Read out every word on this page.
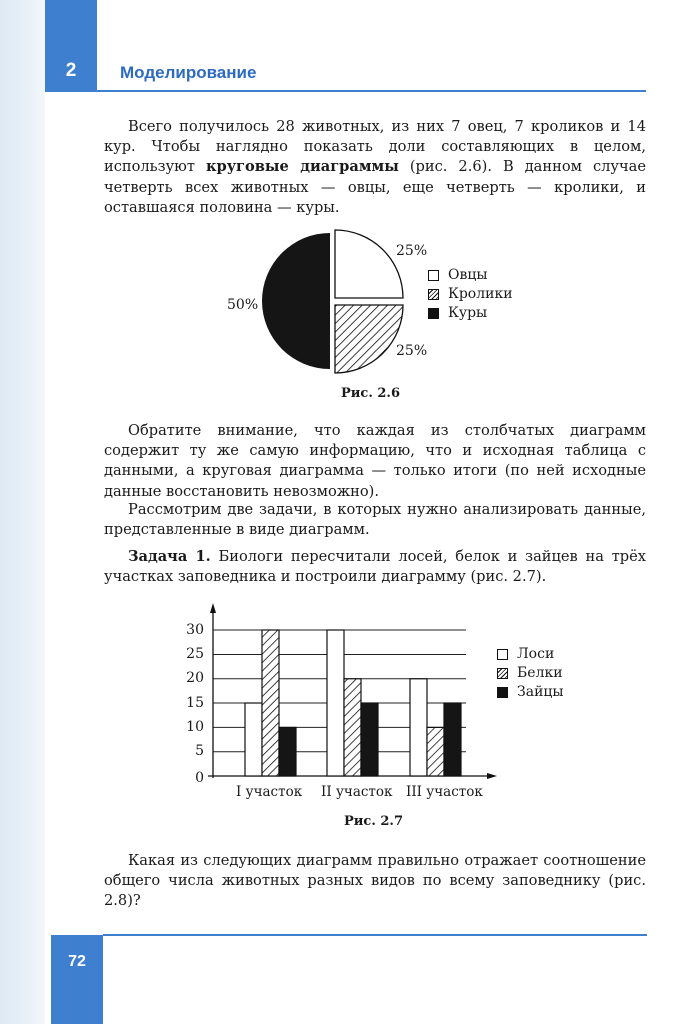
2	Моделирование
Всего получилось 28 животных, из них 7 овец, 7 кроликов и 14 кур. Чтобы наглядно показать доли составляющих в целом, используют круговые диаграммы (рис. 2.6). В данном случае четверть всех животных — овцы, еще четверть — кролики, и оставшаяся половина — куры.
25%
25%
50%
Овцы
Кролики
Куры
Рис. 2.6
Обратите внимание, что каждая из столбчатых диаграмм содержит ту же самую информацию, что и исходная таблица с данными, а круговая диаграмма — только итоги (по ней исходные данные восстановить невозможно).
Рассмотрим две задачи, в которых нужно анализировать данные, представленные в виде диаграмм.
Задача 1. Биологи пересчитали лосей, белок и зайцев на трёх участках заповедника и построили диаграмму (рис. 2.7).
30
25
20
15
10
5
0
I участок II участок III участок
Лоси
Белки
Зайцы
Рис. 2.7
Какая из следующих диаграмм правильно отражает соотношение общего числа животных разных видов по всему заповеднику (рис. 2.8)?
72
